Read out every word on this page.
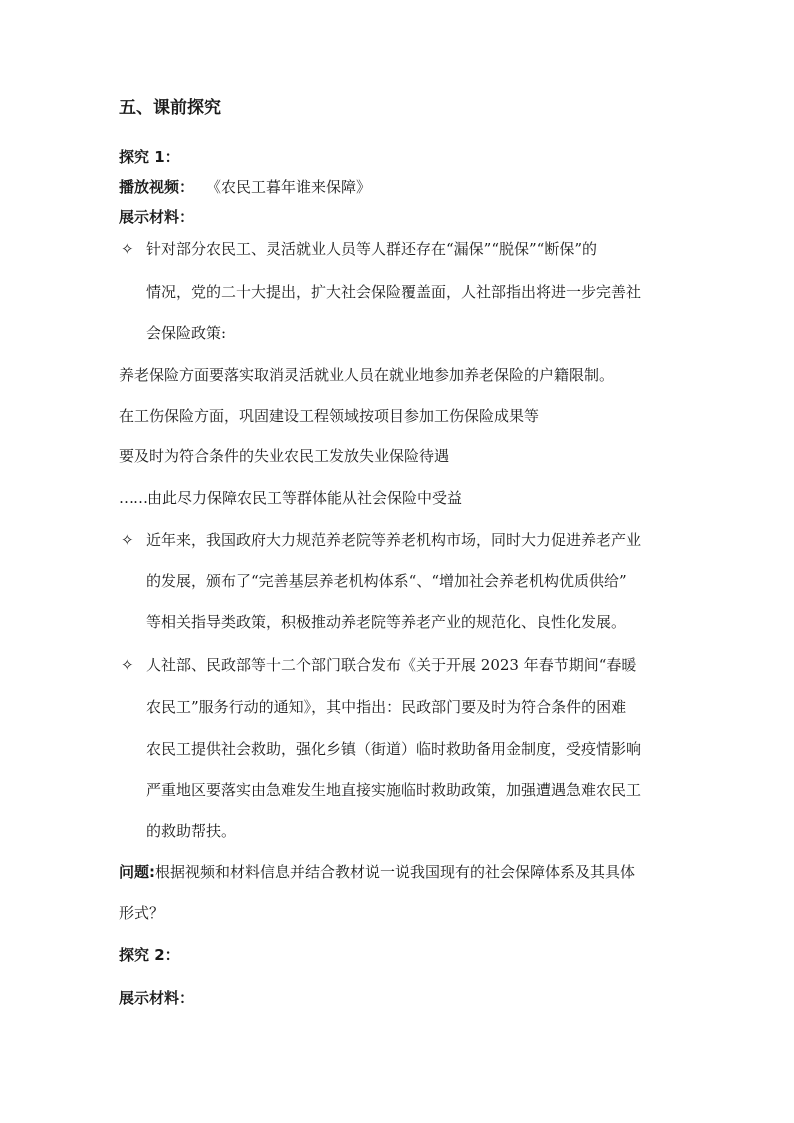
五、课前探究
探究 1：
播放视频： 《农民工暮年谁来保障》
展示材料：
✧ 针对部分农民工、灵活就业人员等人群还存在“漏保”“脱保”“断保”的
情况，党的二十大提出，扩大社会保险覆盖面，人社部指出将进一步完善社
会保险政策:
养老保险方面要落实取消灵活就业人员在就业地参加养老保险的户籍限制。
在工伤保险方面，巩固建设工程领域按项目参加工伤保险成果等
要及时为符合条件的失业农民工发放失业保险待遇
……由此尽力保障农民工等群体能从社会保险中受益
✧ 近年来，我国政府大力规范养老院等养老机构市场，同时大力促进养老产业
的发展，颁布了“完善基层养老机构体系“、“增加社会养老机构优质供给”
等相关指导类政策，积极推动养老院等养老产业的规范化、良性化发展。
✧ 人社部、民政部等十二个部门联合发布《关于开展 2023 年春节期间“春暖
农民工”服务行动的通知》，其中指出：民政部门要及时为符合条件的困难
农民工提供社会救助，强化乡镇（街道）临时救助备用金制度，受疫情影响
严重地区要落实由急难发生地直接实施临时救助政策，加强遭遇急难农民工
的救助帮扶。
问题:根据视频和材料信息并结合教材说一说我国现有的社会保障体系及其具体
形式？
探究 2：
展示材料：
